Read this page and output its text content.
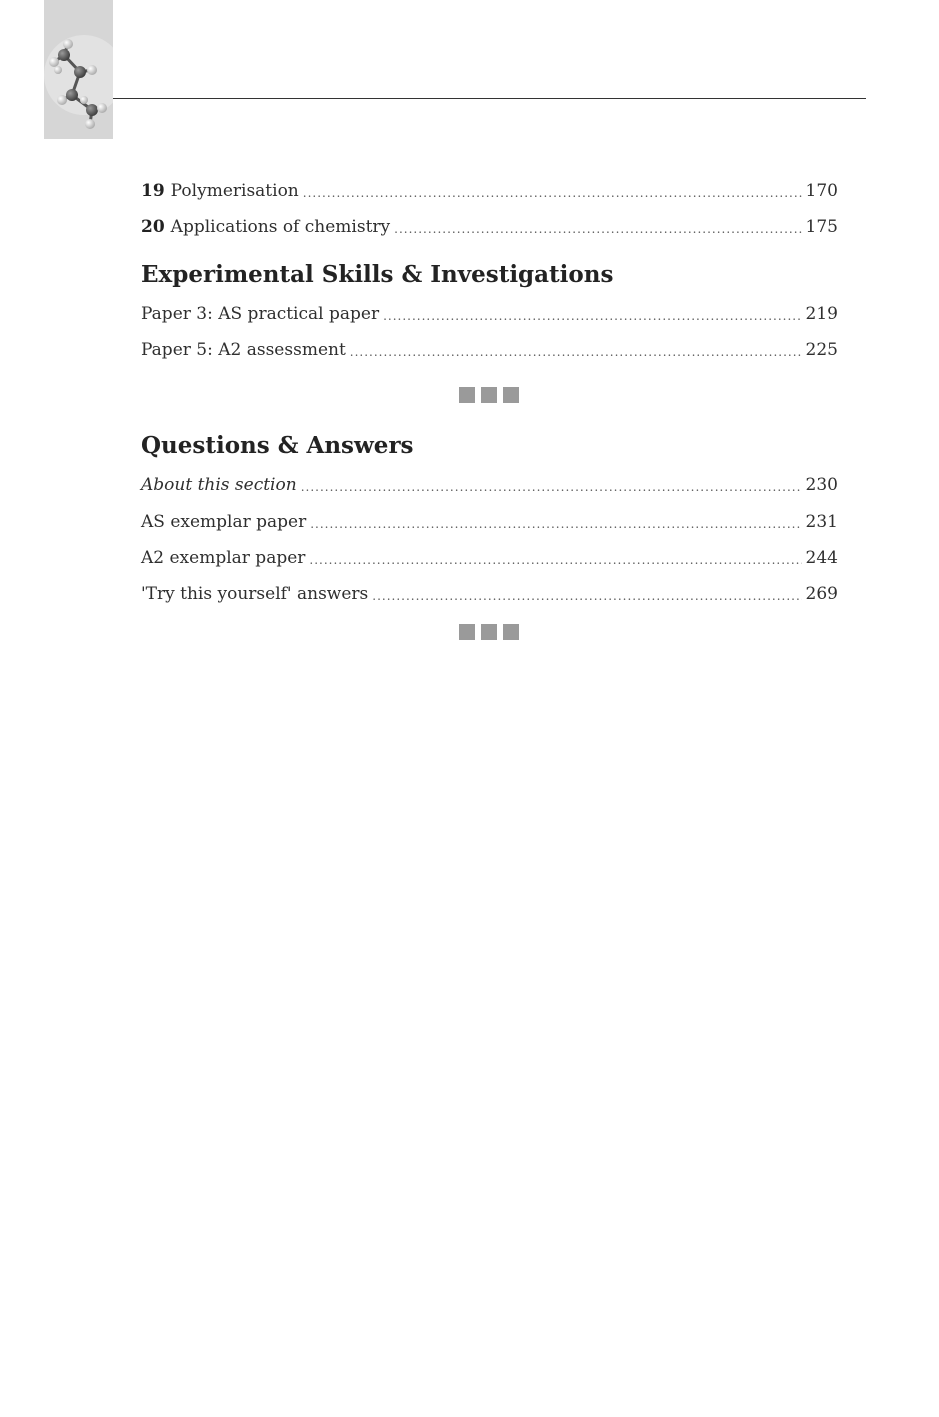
19 Polymerisation .....	170
20 Applications of chemistry .....	175
Experimental Skills & Investigations
Paper 3: AS practical paper .....	219
Paper 5: A2 assessment .....	225
Questions & Answers
About this section .....	230
AS exemplar paper .....	231
A2 exemplar paper .....	244
'Try this yourself' answers .....	269
